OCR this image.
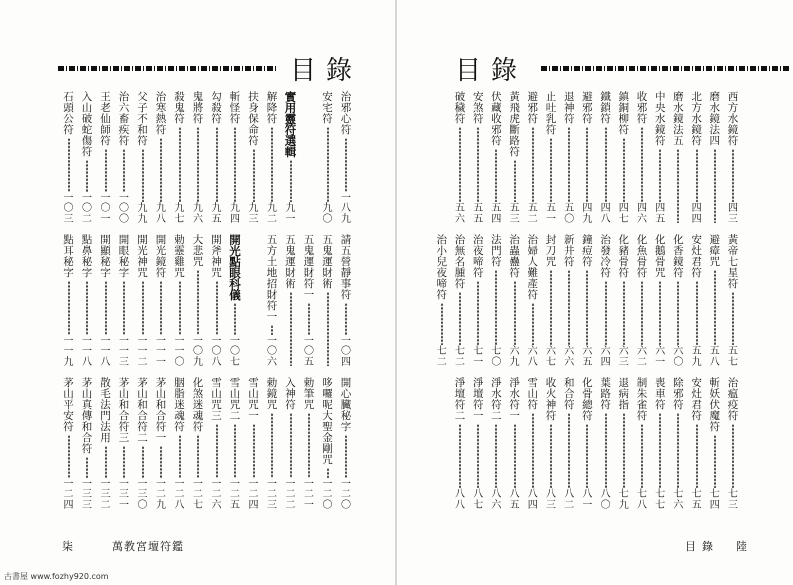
目錄
治邪心符
一八九
請五營靜事符
一〇四
開心臟秘字
一二〇
安宅符
九〇
五鬼運財術
哆囉呢大聖金剛咒
一二〇
五鬼運財符一
一〇五
勅筆咒
一二一
實用靈符選輯
九一
五鬼運財術
入神符
一二二
解降符
九二
五方土地招財符一
一〇六
勅鏡咒
一二三
扶身保命符
九三
雪山咒一
一二四
斬怪符
九四
開光點眼科儀
一〇七
雪山咒二
一二五
勾殺符
九五
開斧神咒
一〇八
雪山咒三
一二六
鬼將符
九六
大悲咒
一〇九
化煞迷魂符
一二七
殺鬼符
九七
勅靈雞咒
一一〇
胭脂迷魂符
一二八
治寒熱符
九八
開光鏡符
一一一
茅山和合符一
一二九
父子不和符
九九
開光神咒
一一二
茅山和合符二
一三〇
治六畜疾符
一〇〇
開眼秘字
一一三
茅山和合符三
一三一
王老仙師符
一〇一
開顯秘字
一一八
散毛法門法用
一三二
入山破蛇傷符
一〇二
點鼻秘字
一一八
茅山真傳和合符
一三三
石頭公符
一〇三
點耳秘字
一一九
茅山平安符
一二四
柒	萬教宮壇符鑑
目錄
西方水鏡符
四三
黃帝七星符
五七
治瘟疫符
七三
磨水鏡法四
避瘴咒
五八
斬妖伏魔符
七四
北方水鏡符
四四
安灶君符
五九
安灶君符
七五
磨水鏡法五
化香鏡符
六〇
除邪符
七六
中央水鏡符
四五
化鵝骨咒
六一
喪車符
七七
收邪符
四六
化魚骨符
六二
制朱雀符
七八
鎮銅柳符
四七
化豬骨符
六三
退病指
七九
鐵鎖符
四八
治發冷符
六四
葉路符
八〇
避邪符
四九
鐘痘符
六五
化骨總符
八一
退神符
五〇
新井符
六六
和合符
八二
止吐乳符
五一
封刀咒
六七
收火神符
八三
避邪符
五二
治婦人難產符
六八
雪山符
八四
黃飛虎斷路符
五三
治蟲蠱符
六九
淨水符一
八五
伏藏收邪符
五四
法門符
七〇
淨水符二
八六
安煞符
五五
治夜啼符
七一
淨壇符一
八七
破穢符
五六
治無名腫符
七二
淨壇符二
八八
治小兒夜啼符
七二
目錄　陸
古書屋 www.fozhy920.com
